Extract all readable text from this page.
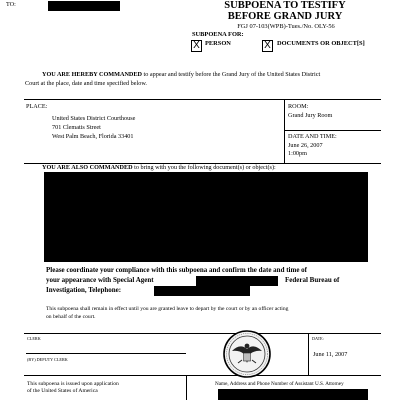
TO:	SUBPOENA TO TESTIFY
BEFORE GRAND JURY
FGJ 07-103(WPB)-Tues./No. OLY-56
SUBPOENA FOR:
X PERSON	X DOCUMENTS OR OBJECT[S]
YOU ARE HEREBY COMMANDED to appear and testify before the Grand Jury of the United States District
Court at the place, date and time specified below.
PLACE:
United States District Courthouse
701 Clematis Street
West Palm Beach, Florida 33401
ROOM:
Grand Jury Room
DATE AND TIME:
June 26, 2007
1:00pm
YOU ARE ALSO COMMANDED to bring with you the following document(s) or object(s):
Please coordinate your compliance with this subpoena and confirm the date and time of
your appearance with Special Agent	Federal Bureau of
Investigation, Telephone:
This subpoena shall remain in effect until you are granted leave to depart by the court or by an officer acting
on behalf of the court.
CLERK
(BY) DEPUTY CLERK
DATE:
June 11, 2007
This subpoena is issued upon application
of the United States of America
Name, Address and Phone Number of Assistant U.S. Attorney
